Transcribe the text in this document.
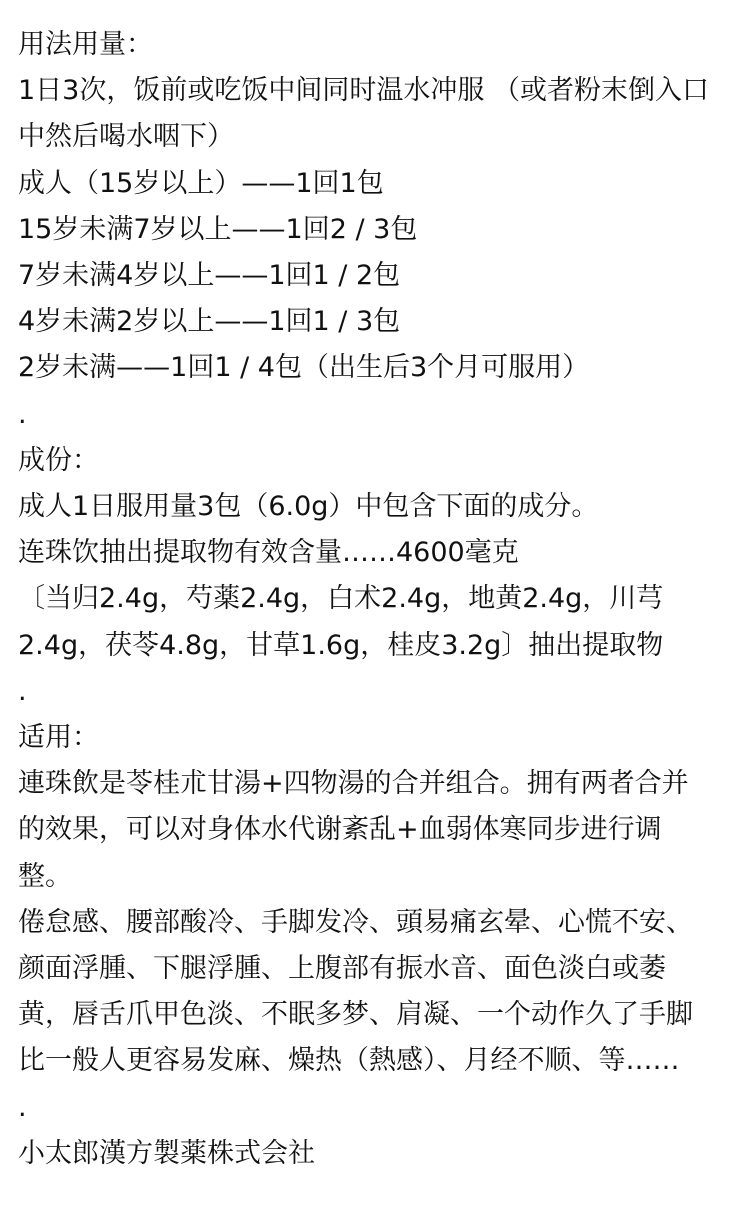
用法用量：

1日3次，饭前或吃饭中间同时温水冲服 （或者粉末倒入口

中然后喝水咽下）

成人（15岁以上）——1回1包

15岁未满7岁以上——1回2 / 3包

7岁未满4岁以上——1回1 / 2包

4岁未满2岁以上——1回1 / 3包

2岁未满——1回1 / 4包（出生后3个月可服用）

.

成份：

成人1日服用量3包（6.0g）中包含下面的成分。

连珠饮抽出提取物有效含量……4600毫克

〔当归2.4g，芍薬2.4g，白术2.4g，地黄2.4g，川芎

2.4g，茯苓4.8g，甘草1.6g，桂皮3.2g〕抽出提取物

.

适用：

連珠飲是苓桂朮甘湯+四物湯的合并组合。拥有两者合并

的效果，可以对身体水代谢紊乱+血弱体寒同步进行调

整。

倦怠感、腰部酸冷、手脚发冷、頭易痛玄晕、心慌不安、

颜面浮腫、下腿浮腫、上腹部有振水音、面色淡白或萎

黄，唇舌爪甲色淡、不眠多梦、肩凝、一个动作久了手脚

比一般人更容易发麻、燥热（熱感）、月经不顺、等……

.

小太郎漢方製薬株式会社
